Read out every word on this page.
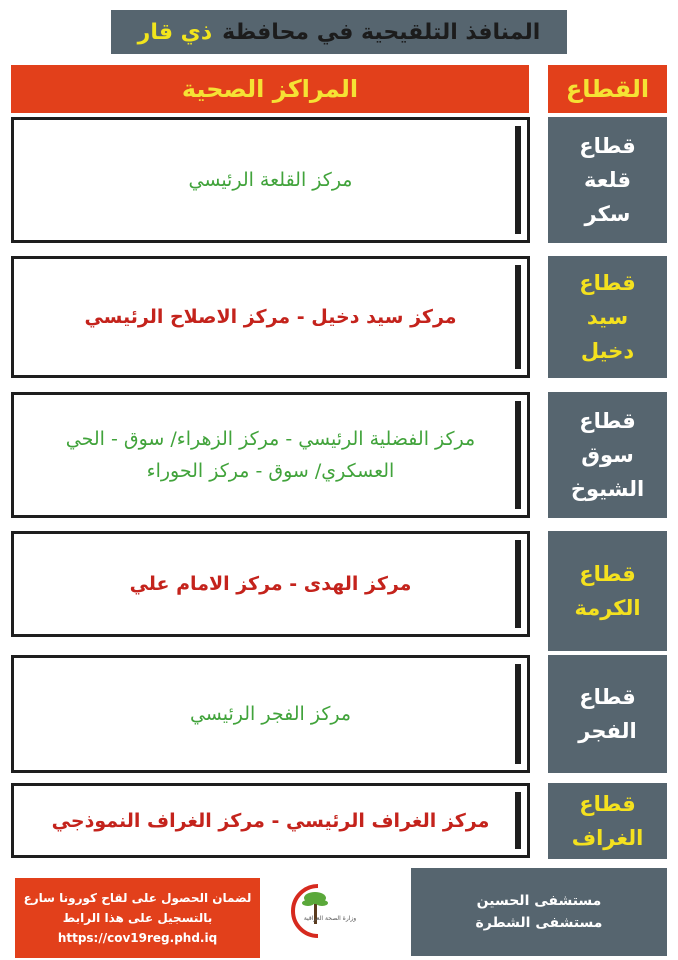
المنافذ التلقيحية في محافظة
ذي قار
المراكز الصحية	القطاع
مركز القلعة الرئيسي
قطاع
قلعة
سكر
مركز سيد دخيل - مركز الاصلاح الرئيسي
قطاع
سيد
دخيل
مركز الفضلية الرئيسي - مركز الزهراء/ سوق - الحي العسكري/ سوق - مركز الحوراء
قطاع
سوق
الشيوخ
مركز الهدى - مركز الامام علي	قطاع
الكرمة
مركز الفجر الرئيسي
قطاع
الفجر
مركز الغراف الرئيسي - مركز الغراف النموذجي
قطاع
الغراف
لضمان الحصول على لقاح كورونا سارع
بالتسجيل على هذا الرابط
https://cov19reg.phd.iq
وزارة الصحة العراقية
مستشفى الحسين
مستشفى الشطرة
